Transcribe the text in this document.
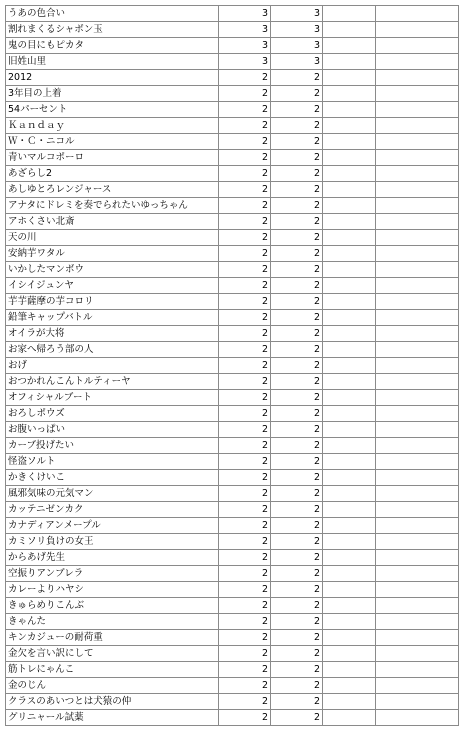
うあの色合い	3	3		
割れまくるシャボン玉	3	3		
鬼の目にもピカタ	3	3		
旧姓山里	3	3		
2012	2	2		
3年目の上着	2	2		
54パーセント	2	2		
Ｋａｎｄａｙ	2	2		
Ｗ・Ｃ・ニコル	2	2		
青いマルコポーロ	2	2		
あざらし2	2	2		
あしゆとろレンジャース	2	2		
アナタにドレミを奏でられたいゆっちゃん	2	2		
アホくさい北斎	2	2		
天の川	2	2		
安納芋ワタル	2	2		
いかしたマンボウ	2	2		
イシイジュンヤ	2	2		
芋芋薩摩の芋コロリ	2	2		
鉛筆キャップバトル	2	2		
オイラが大将	2	2		
お家へ帰ろう部の人	2	2		
おげ	2	2		
おつかれんこんトルティーヤ	2	2		
オフィシャルブート	2	2		
おろしポウズ	2	2		
お腹いっぱい	2	2		
カーブ投げたい	2	2		
怪盗ソルト	2	2		
かきくけいこ	2	2		
風邪気味の元気マン	2	2		
カッテニゼンカク	2	2		
カナディアンメープル	2	2		
カミソリ負けの女王	2	2		
からあげ先生	2	2		
空振りアンブレラ	2	2		
カレーよりハヤシ	2	2		
きゅらめりこんぶ	2	2		
きゃんた	2	2		
キンカジューの耐荷重	2	2		
金欠を言い訳にして	2	2		
筋トレにゃんこ	2	2		
金のじん	2	2		
クラスのあいつとは犬猿の仲	2	2		
グリニャール試薬	2	2		
